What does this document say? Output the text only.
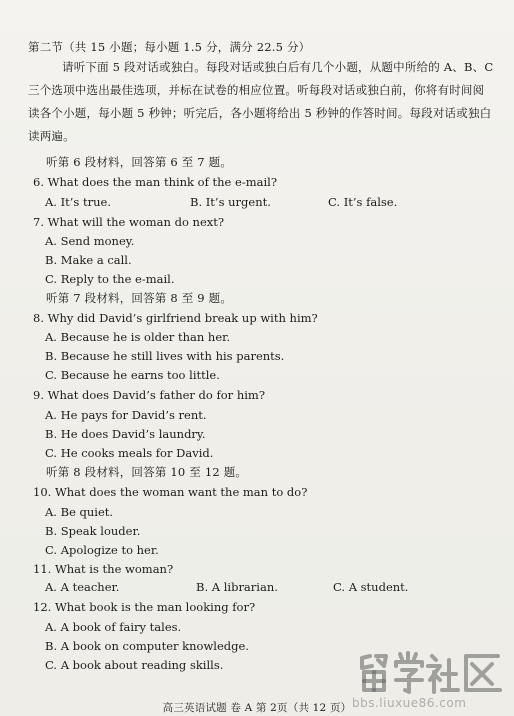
第二节（共 15 小题；每小题 1.5 分，满分 22.5 分）
请听下面 5 段对话或独白。每段对话或独白后有几个小题，从题中所给的 A、B、C
三个选项中选出最佳选项，并标在试卷的相应位置。听每段对话或独白前，你将有时间阅
读各个小题，每小题 5 秒钟；听完后，各小题将给出 5 秒钟的作答时间。每段对话或独白
读两遍。
听第 6 段材料，回答第 6 至 7 题。
6. What does the man think of the e-mail?
A. It’s true.	B. It’s urgent.	C. It’s false.
7. What will the woman do next?
A. Send money.
B. Make a call.
C. Reply to the e-mail.
听第 7 段材料，回答第 8 至 9 题。
8. Why did David’s girlfriend break up with him?
A. Because he is older than her.
B. Because he still lives with his parents.
C. Because he earns too little.
9. What does David’s father do for him?
A. He pays for David’s rent.
B. He does David’s laundry.
C. He cooks meals for David.
听第 8 段材料，回答第 10 至 12 题。
10. What does the woman want the man to do?
A. Be quiet.
B. Speak louder.
C. Apologize to her.
11. What is the woman?
A. A teacher.	B. A librarian.	C. A student.
12. What book is the man looking for?
A. A book of fairy tales.
B. A book on computer knowledge.
C. A book about reading skills.
高三英语试题 卷 A 第 2页（共 12 页） bbs.liuxue86.com
